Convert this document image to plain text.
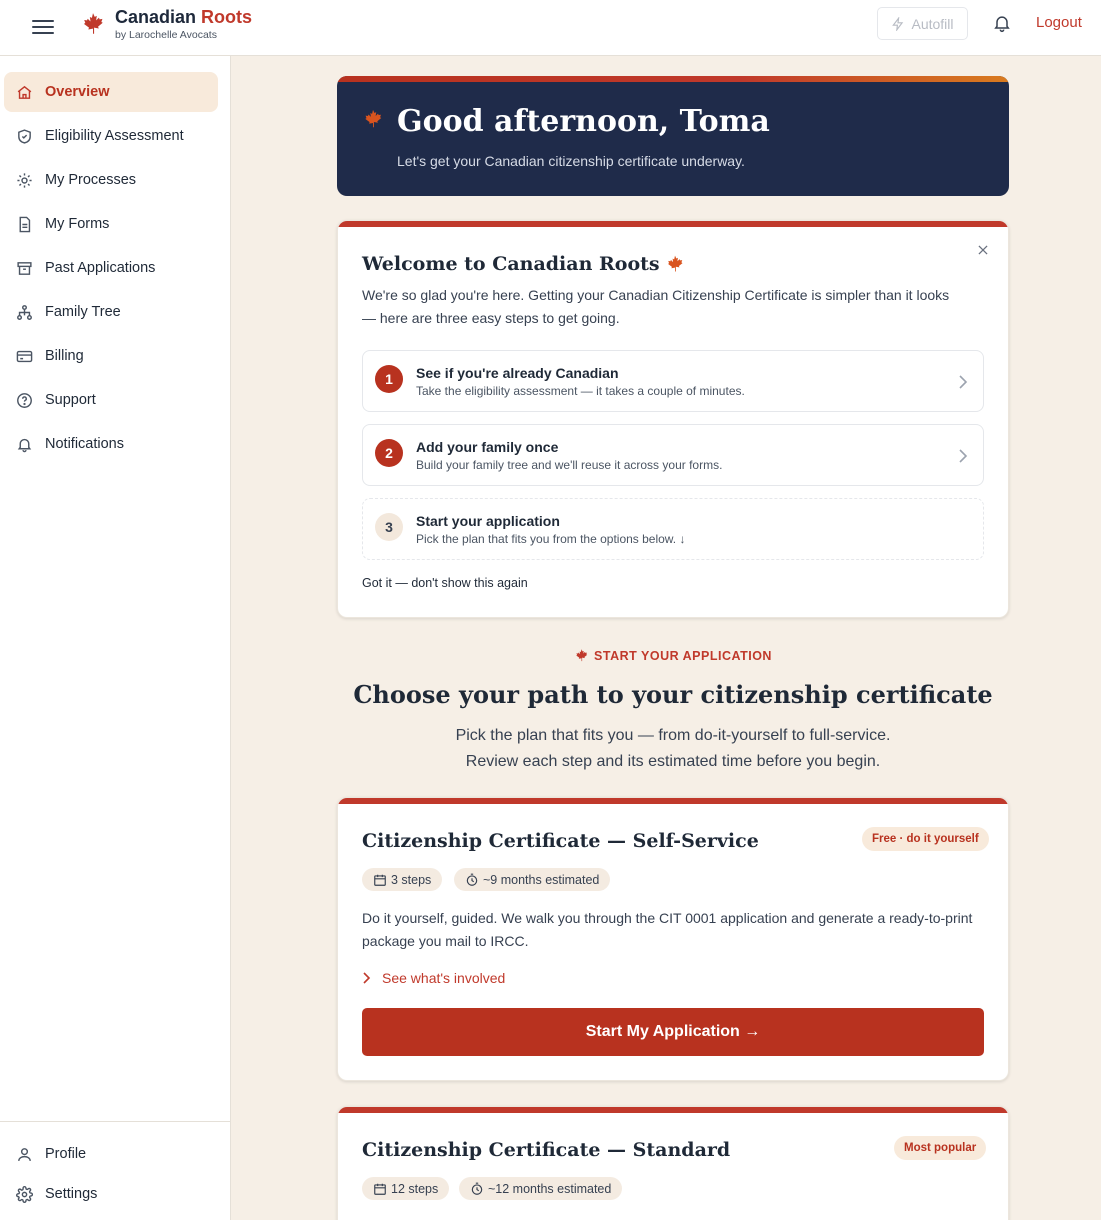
Canadian Roots
by Larochelle Avocats
Autofill	Logout
Overview
Eligibility Assessment
My Processes
My Forms
Past Applications
Family Tree
Billing
Support
Notifications
Profile
Settings
Good afternoon, Toma
Let's get your Canadian citizenship certificate underway.
Welcome to Canadian Roots
We're so glad you're here. Getting your Canadian Citizenship Certificate is simpler than it looks — here are three easy steps to get going.
1	See if you're already Canadian
Take the eligibility assessment — it takes a couple of minutes.
2	Add your family once
Build your family tree and we'll reuse it across your forms.
3	Start your application
Pick the plan that fits you from the options below. ↓
Got it — don't show this again
START YOUR APPLICATION
Choose your path to your citizenship certificate
Pick the plan that fits you — from do-it-yourself to full-service.
Review each step and its estimated time before you begin.
Citizenship Certificate — Self-Service	Free · do it yourself
3 steps	~9 months estimated
Do it yourself, guided. We walk you through the CIT 0001 application and generate a ready-to-print package you mail to IRCC.
See what's involved
Start My Application →
Citizenship Certificate — Standard	Most popular
12 steps	~12 months estimated
